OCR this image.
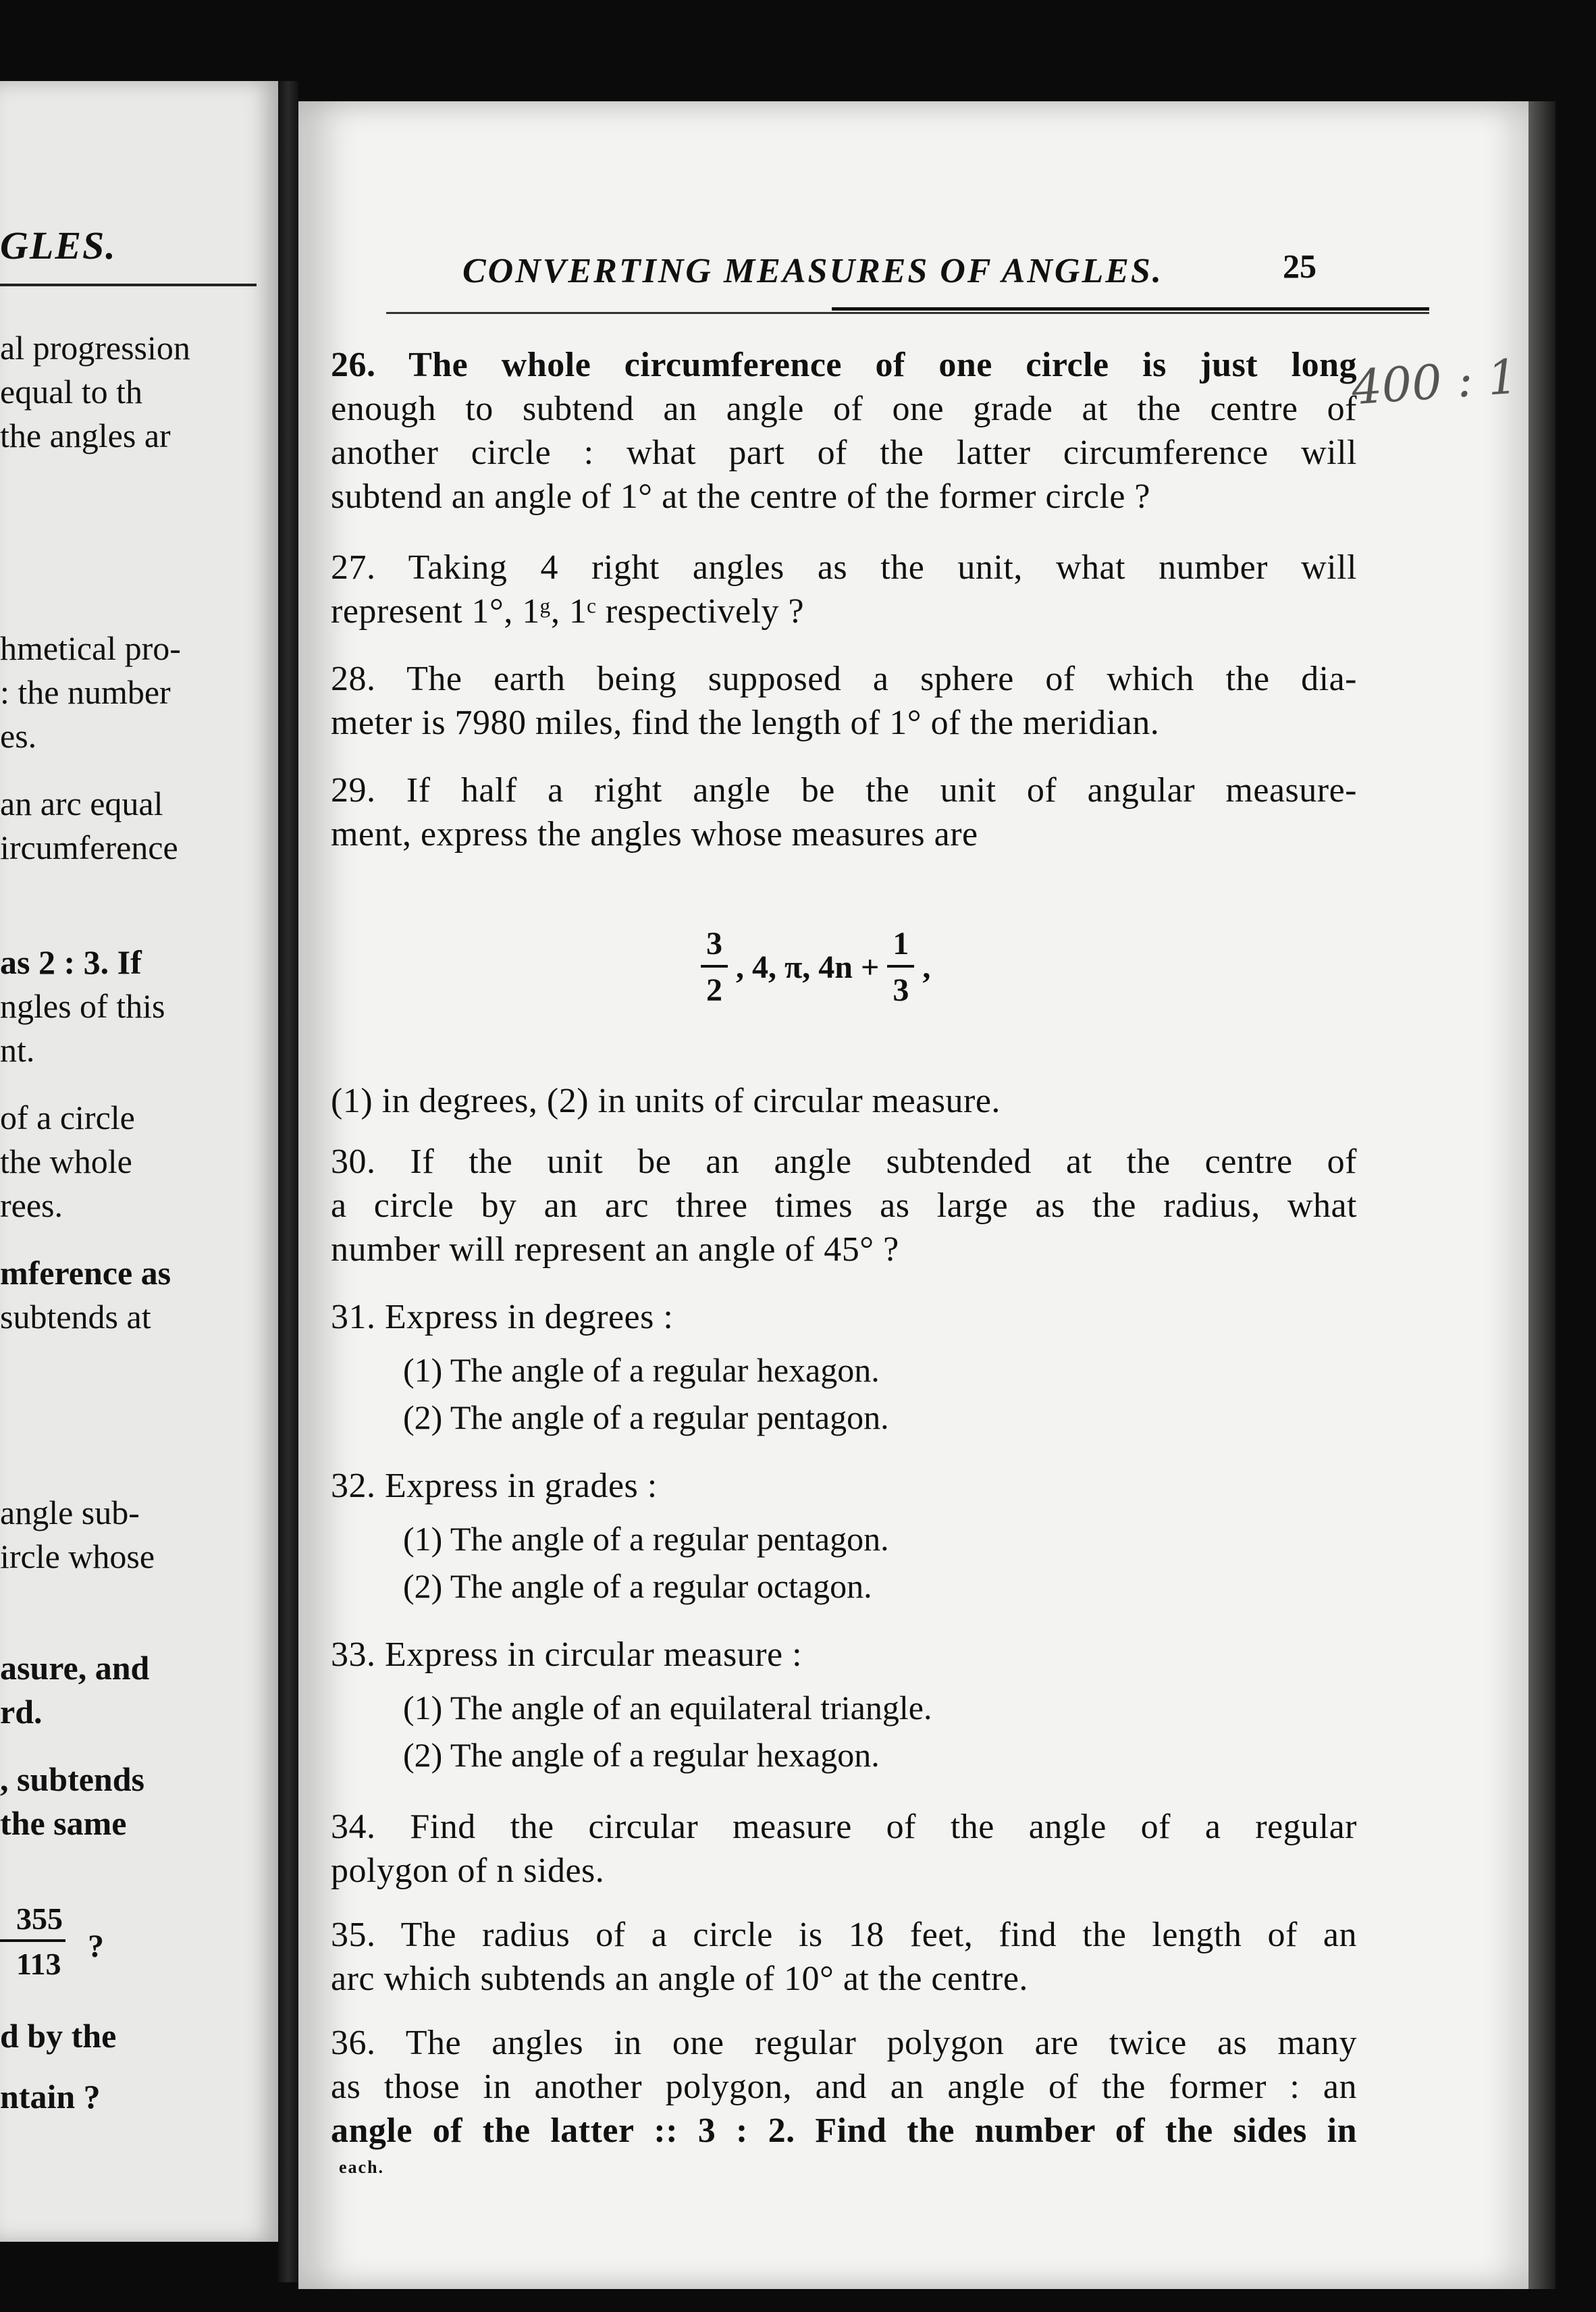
GLES.
al progression
equal to th
the angles ar
hmetical pro-
: the number
es.
an arc equal
ircumference
as 2 : 3. If
ngles of this
nt.
of a circle
the whole
rees.
mference as
subtends at
angle sub-
ircle whose
asure, and
rd.
, subtends
the same
355
113 ?
d by the
ntain ?
CONVERTING MEASURES OF ANGLES.	25
400 : 1
26. The whole circumference of one circle is just long
enough to subtend an angle of one grade at the centre of
another circle : what part of the latter circumference will
subtend an angle of 1° at the centre of the former circle ?
27. Taking 4 right angles as the unit, what number will
represent 1°, 1ᵍ, 1ᶜ respectively ?
28. The earth being supposed a sphere of which the dia-
meter is 7980 miles, find the length of 1° of the meridian.
29. If half a right angle be the unit of angular measure-
ment, express the angles whose measures are
$\frac{3}{2}$ , 4, π, $4n + \frac{1}{3}$ ,
(1) in degrees, (2) in units of circular measure.
30. If the unit be an angle subtended at the centre of
a circle by an arc three times as large as the radius, what
number will represent an angle of 45° ?
31. Express in degrees :
(1) The angle of a regular hexagon.
(2) The angle of a regular pentagon.
32. Express in grades :
(1) The angle of a regular pentagon.
(2) The angle of a regular octagon.
33. Express in circular measure :
(1) The angle of an equilateral triangle.
(2) The angle of a regular hexagon.
34. Find the circular measure of the angle of a regular
polygon of n sides.
35. The radius of a circle is 18 feet, find the length of an
arc which subtends an angle of 10° at the centre.
36. The angles in one regular polygon are twice as many
as those in another polygon, and an angle of the former : an
angle of the latter :: 3 : 2. Find the number of the sides in
each.
